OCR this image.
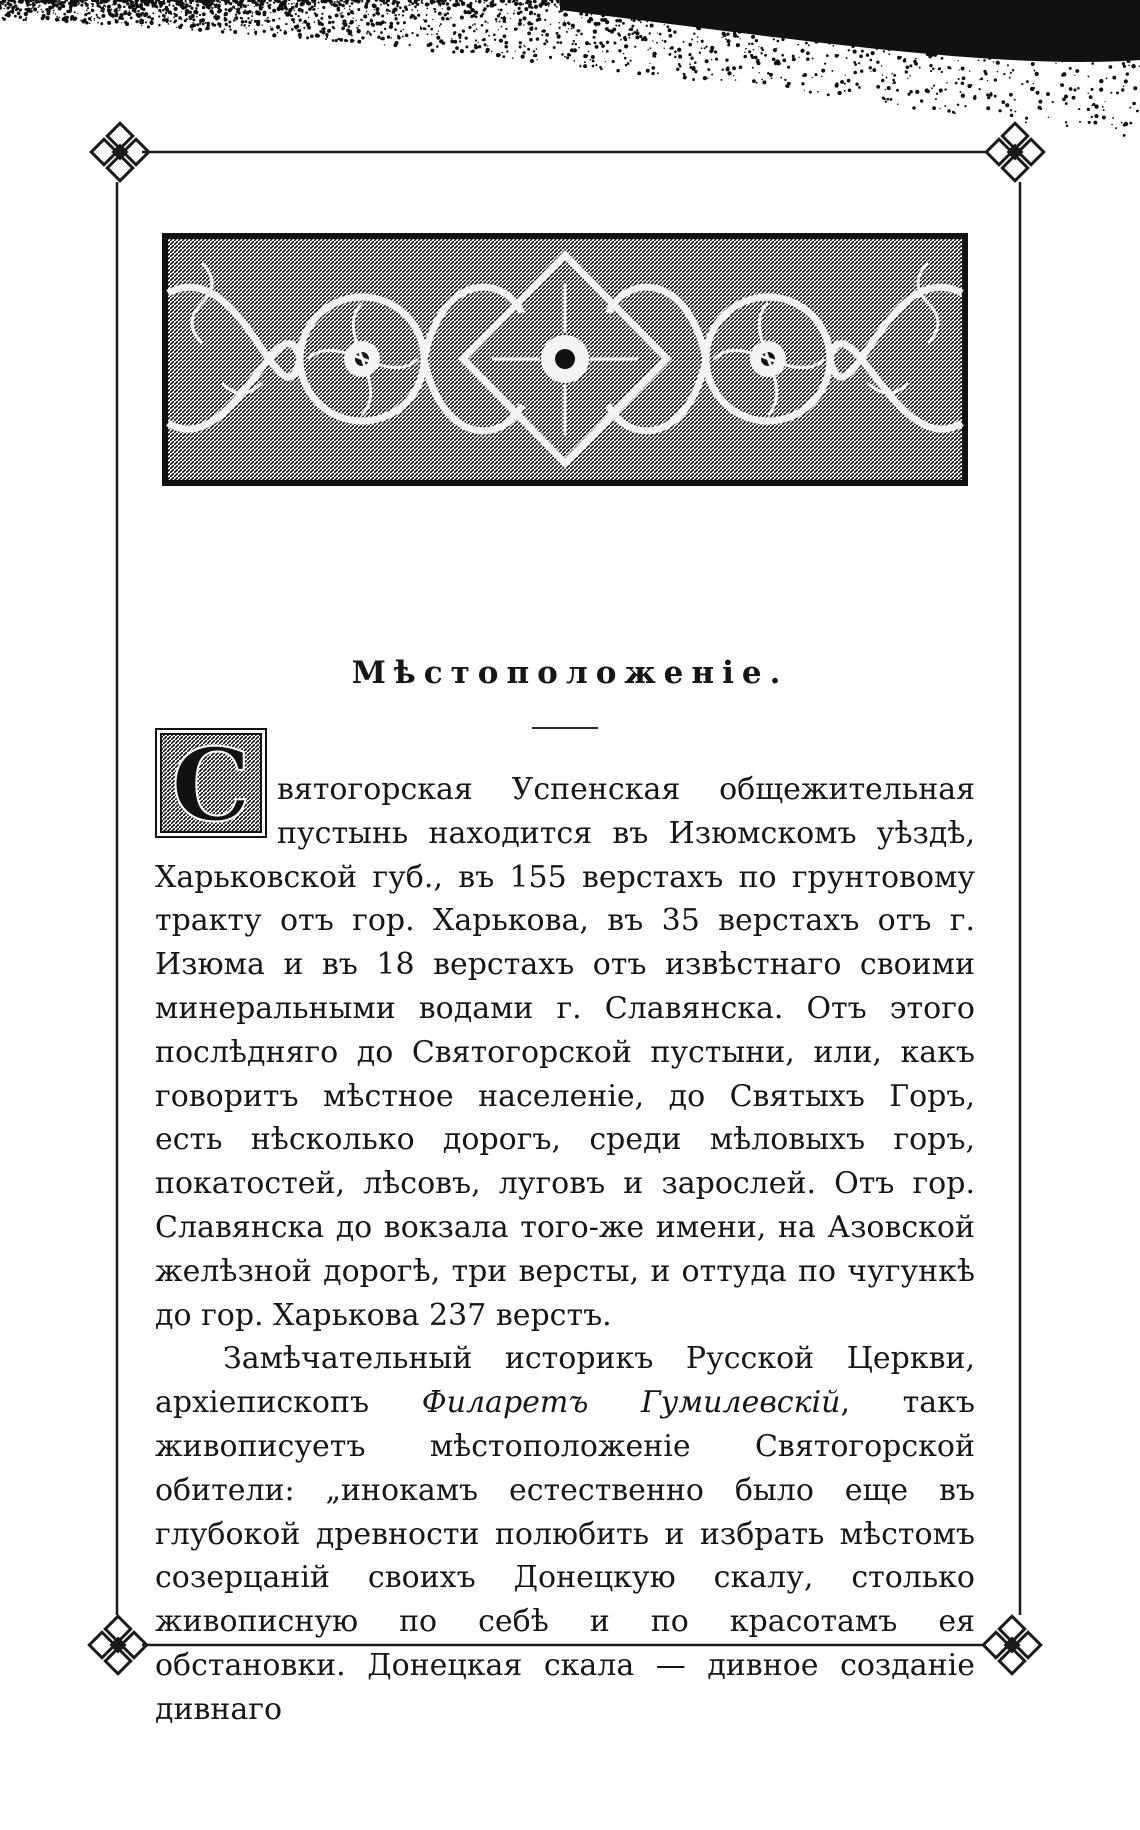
Мѣстоположеніе.
С вятогорская Успенская общежительная пустынь находится въ Изюмскомъ уѣздѣ, Харьковской губ., въ 155 верстахъ по грунтовому тракту отъ гор. Харькова, въ 35 верстахъ отъ г. Изюма и въ 18 верстахъ отъ извѣстнаго своими минеральными водами г. Славянска. Отъ этого послѣдняго до Святогорской пустыни, или, какъ говоритъ мѣстное населеніе, до Святыхъ Горъ, есть нѣсколько дорогъ, среди мѣловыхъ горъ, покатостей, лѣсовъ, луговъ и зарослей. Отъ гор. Славянска до вокзала того-же имени, на Азовской желѣзной дорогѣ, три версты, и оттуда по чугункѣ до гор. Харькова 237 верстъ.

Замѣчательный историкъ Русской Церкви, архіепископъ Филаретъ Гумилевскій, такъ живописуетъ мѣстоположеніе Святогорской обители: „инокамъ естественно было еще въ глубокой древности полюбить и избрать мѣстомъ созерцаній своихъ Донецкую скалу, столько живописную по себѣ и по красотамъ ея обстановки. Донецкая скала — дивное созданіе дивнаго
